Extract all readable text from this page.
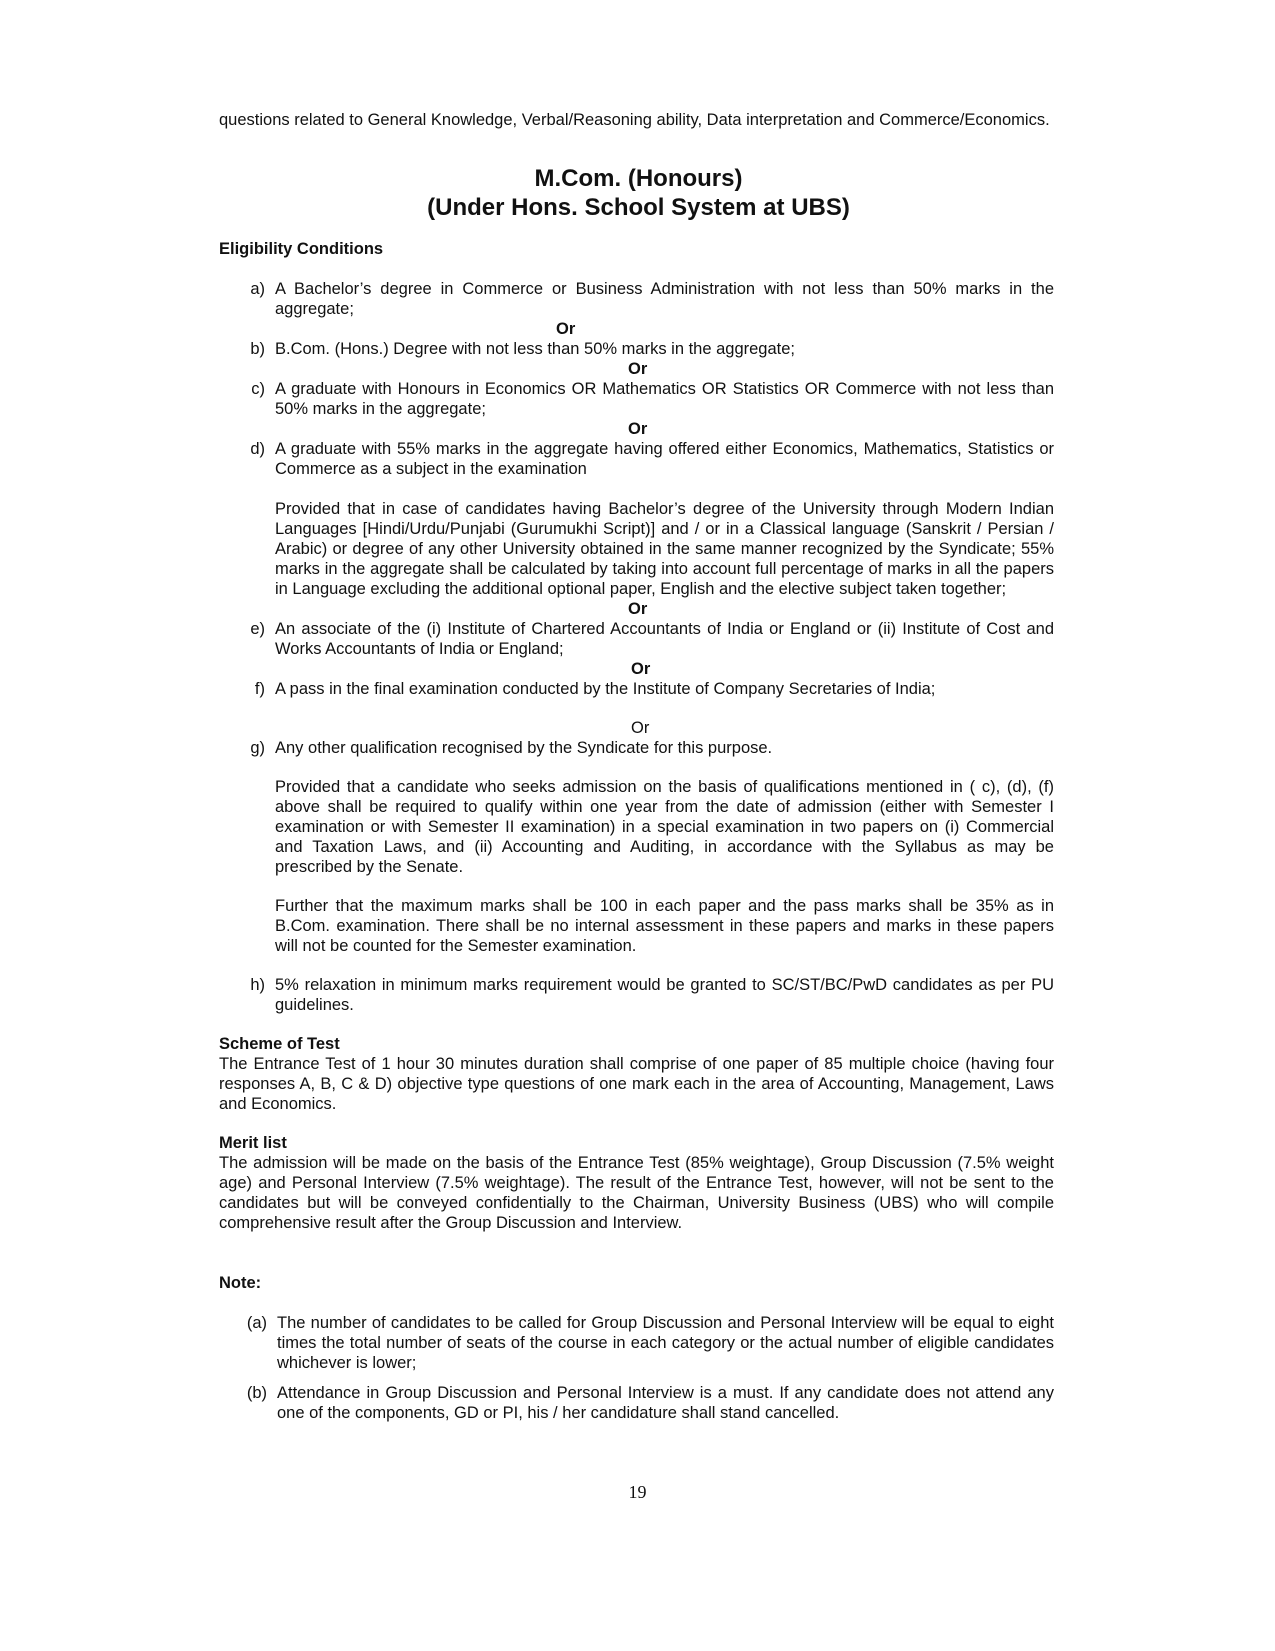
questions related to General Knowledge, Verbal/Reasoning ability, Data interpretation and Commerce/Economics.

M.Com. (Honours)

(Under Hons. School System at UBS)

Eligibility Conditions
a) A Bachelor’s degree in Commerce or Business Administration with not less than 50% marks in the aggregate;

Or

b) B.Com. (Hons.) Degree with not less than 50% marks in the aggregate;

Or

c) A graduate with Honours in Economics OR Mathematics OR Statistics OR Commerce with not less than 50% marks in the aggregate;

Or

d) A graduate with 55% marks in the aggregate having offered either Economics, Mathematics, Statistics or Commerce as a subject in the examination

Provided that in case of candidates having Bachelor’s degree of the University through Modern Indian Languages [Hindi/Urdu/Punjabi (Gurumukhi Script)] and / or in a Classical language (Sanskrit / Persian / Arabic) or degree of any other University obtained in the same manner recognized by the Syndicate; 55% marks in the aggregate shall be calculated by taking into account full percentage of marks in all the papers in Language excluding the additional optional paper, English and the elective subject taken together;

Or

e) An associate of the (i) Institute of Chartered Accountants of India or England or (ii) Institute of Cost and Works Accountants of India or England;

Or

f) A pass in the final examination conducted by the Institute of Company Secretaries of India;

Or

g) Any other qualification recognised by the Syndicate for this purpose.

Provided that a candidate who seeks admission on the basis of qualifications mentioned in ( c), (d), (f) above shall be required to qualify within one year from the date of admission (either with Semester I examination or with Semester II examination) in a special examination in two papers on (i) Commercial and Taxation Laws, and (ii) Accounting and Auditing, in accordance with the Syllabus as may be prescribed by the Senate.

Further that the maximum marks shall be 100 in each paper and the pass marks shall be 35% as in B.Com. examination. There shall be no internal assessment in these papers and marks in these papers will not be counted for the Semester examination.

h) 5% relaxation in minimum marks requirement would be granted to SC/ST/BC/PwD candidates as per PU guidelines.
Scheme of Test

The Entrance Test of 1 hour 30 minutes duration shall comprise of one paper of 85 multiple choice (having four responses A, B, C & D) objective type questions of one mark each in the area of Accounting, Management, Laws and Economics.

Merit list

The admission will be made on the basis of the Entrance Test (85% weightage), Group Discussion (7.5% weight age) and Personal Interview (7.5% weightage). The result of the Entrance Test, however, will not be sent to the candidates but will be conveyed confidentially to the Chairman, University Business (UBS) who will compile comprehensive result after the Group Discussion and Interview.

Note:
(a) The number of candidates to be called for Group Discussion and Personal Interview will be equal to eight times the total number of seats of the course in each category or the actual number of eligible candidates whichever is lower;
(b) Attendance in Group Discussion and Personal Interview is a must. If any candidate does not attend any one of the components, GD or PI, his / her candidature shall stand cancelled.
19
